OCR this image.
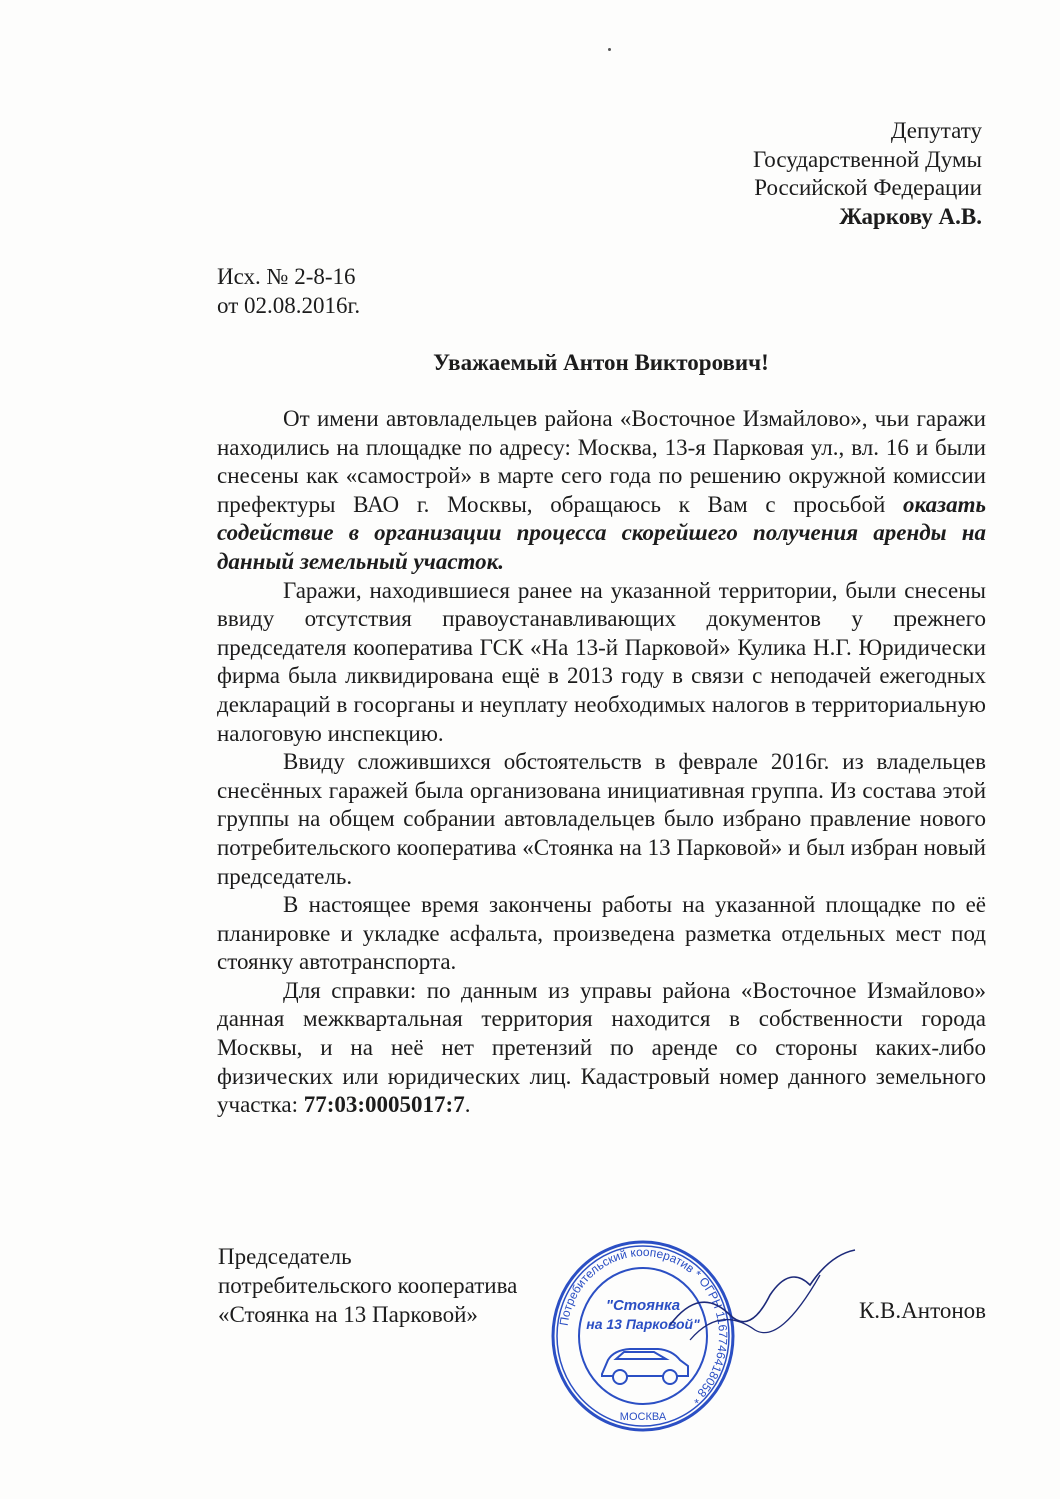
Депутату
Государственной Думы
Российской Федерации
Жаркову А.В.
Исх. № 2-8-16
от 02.08.2016г.
Уважаемый Антон Викторович!

От имени автовладельцев района «Восточное Измайлово», чьи гаражи находились на площадке по адресу: Москва, 13-я Парковая ул., вл. 16 и были снесены как «самострой» в марте сего года по решению окружной комиссии префектуры ВАО г. Москвы, обращаюсь к Вам с просьбой оказать содействие в организации процесса скорейшего получения аренды на данный земельный участок.

Гаражи, находившиеся ранее на указанной территории, были снесены ввиду отсутствия правоустанавливающих документов у прежнего председателя кооператива ГСК «На 13-й Парковой» Кулика Н.Г. Юридически фирма была ликвидирована ещё в 2013 году в связи с неподачей ежегодных деклараций в госорганы и неуплату необходимых налогов в территориальную налоговую инспекцию.

Ввиду сложившихся обстоятельств в феврале 2016г. из владельцев снесённых гаражей была организована инициативная группа. Из состава этой группы на общем собрании автовладельцев было избрано правление нового потребительского кооператива «Стоянка на 13 Парковой» и был избран новый председатель.

В настоящее время закончены работы на указанной площадке по её планировке и укладке асфальта, произведена разметка отдельных мест под стоянку автотранспорта.

Для справки: по данным из управы района «Восточное Измайлово» данная межквартальная территория находится в собственности города Москвы, и на неё нет претензий по аренде со стороны каких-либо физических или юридических лиц. Кадастровый номер данного земельного участка: 77:03:0005017:7.

Председатель
потребительского кооператива
«Стоянка на 13 Парковой»	К.В.Антонов
Потребительский кооператив * ОГРН 1167746418058 *
"Стоянка
на 13 Парковой"
МОСКВА
